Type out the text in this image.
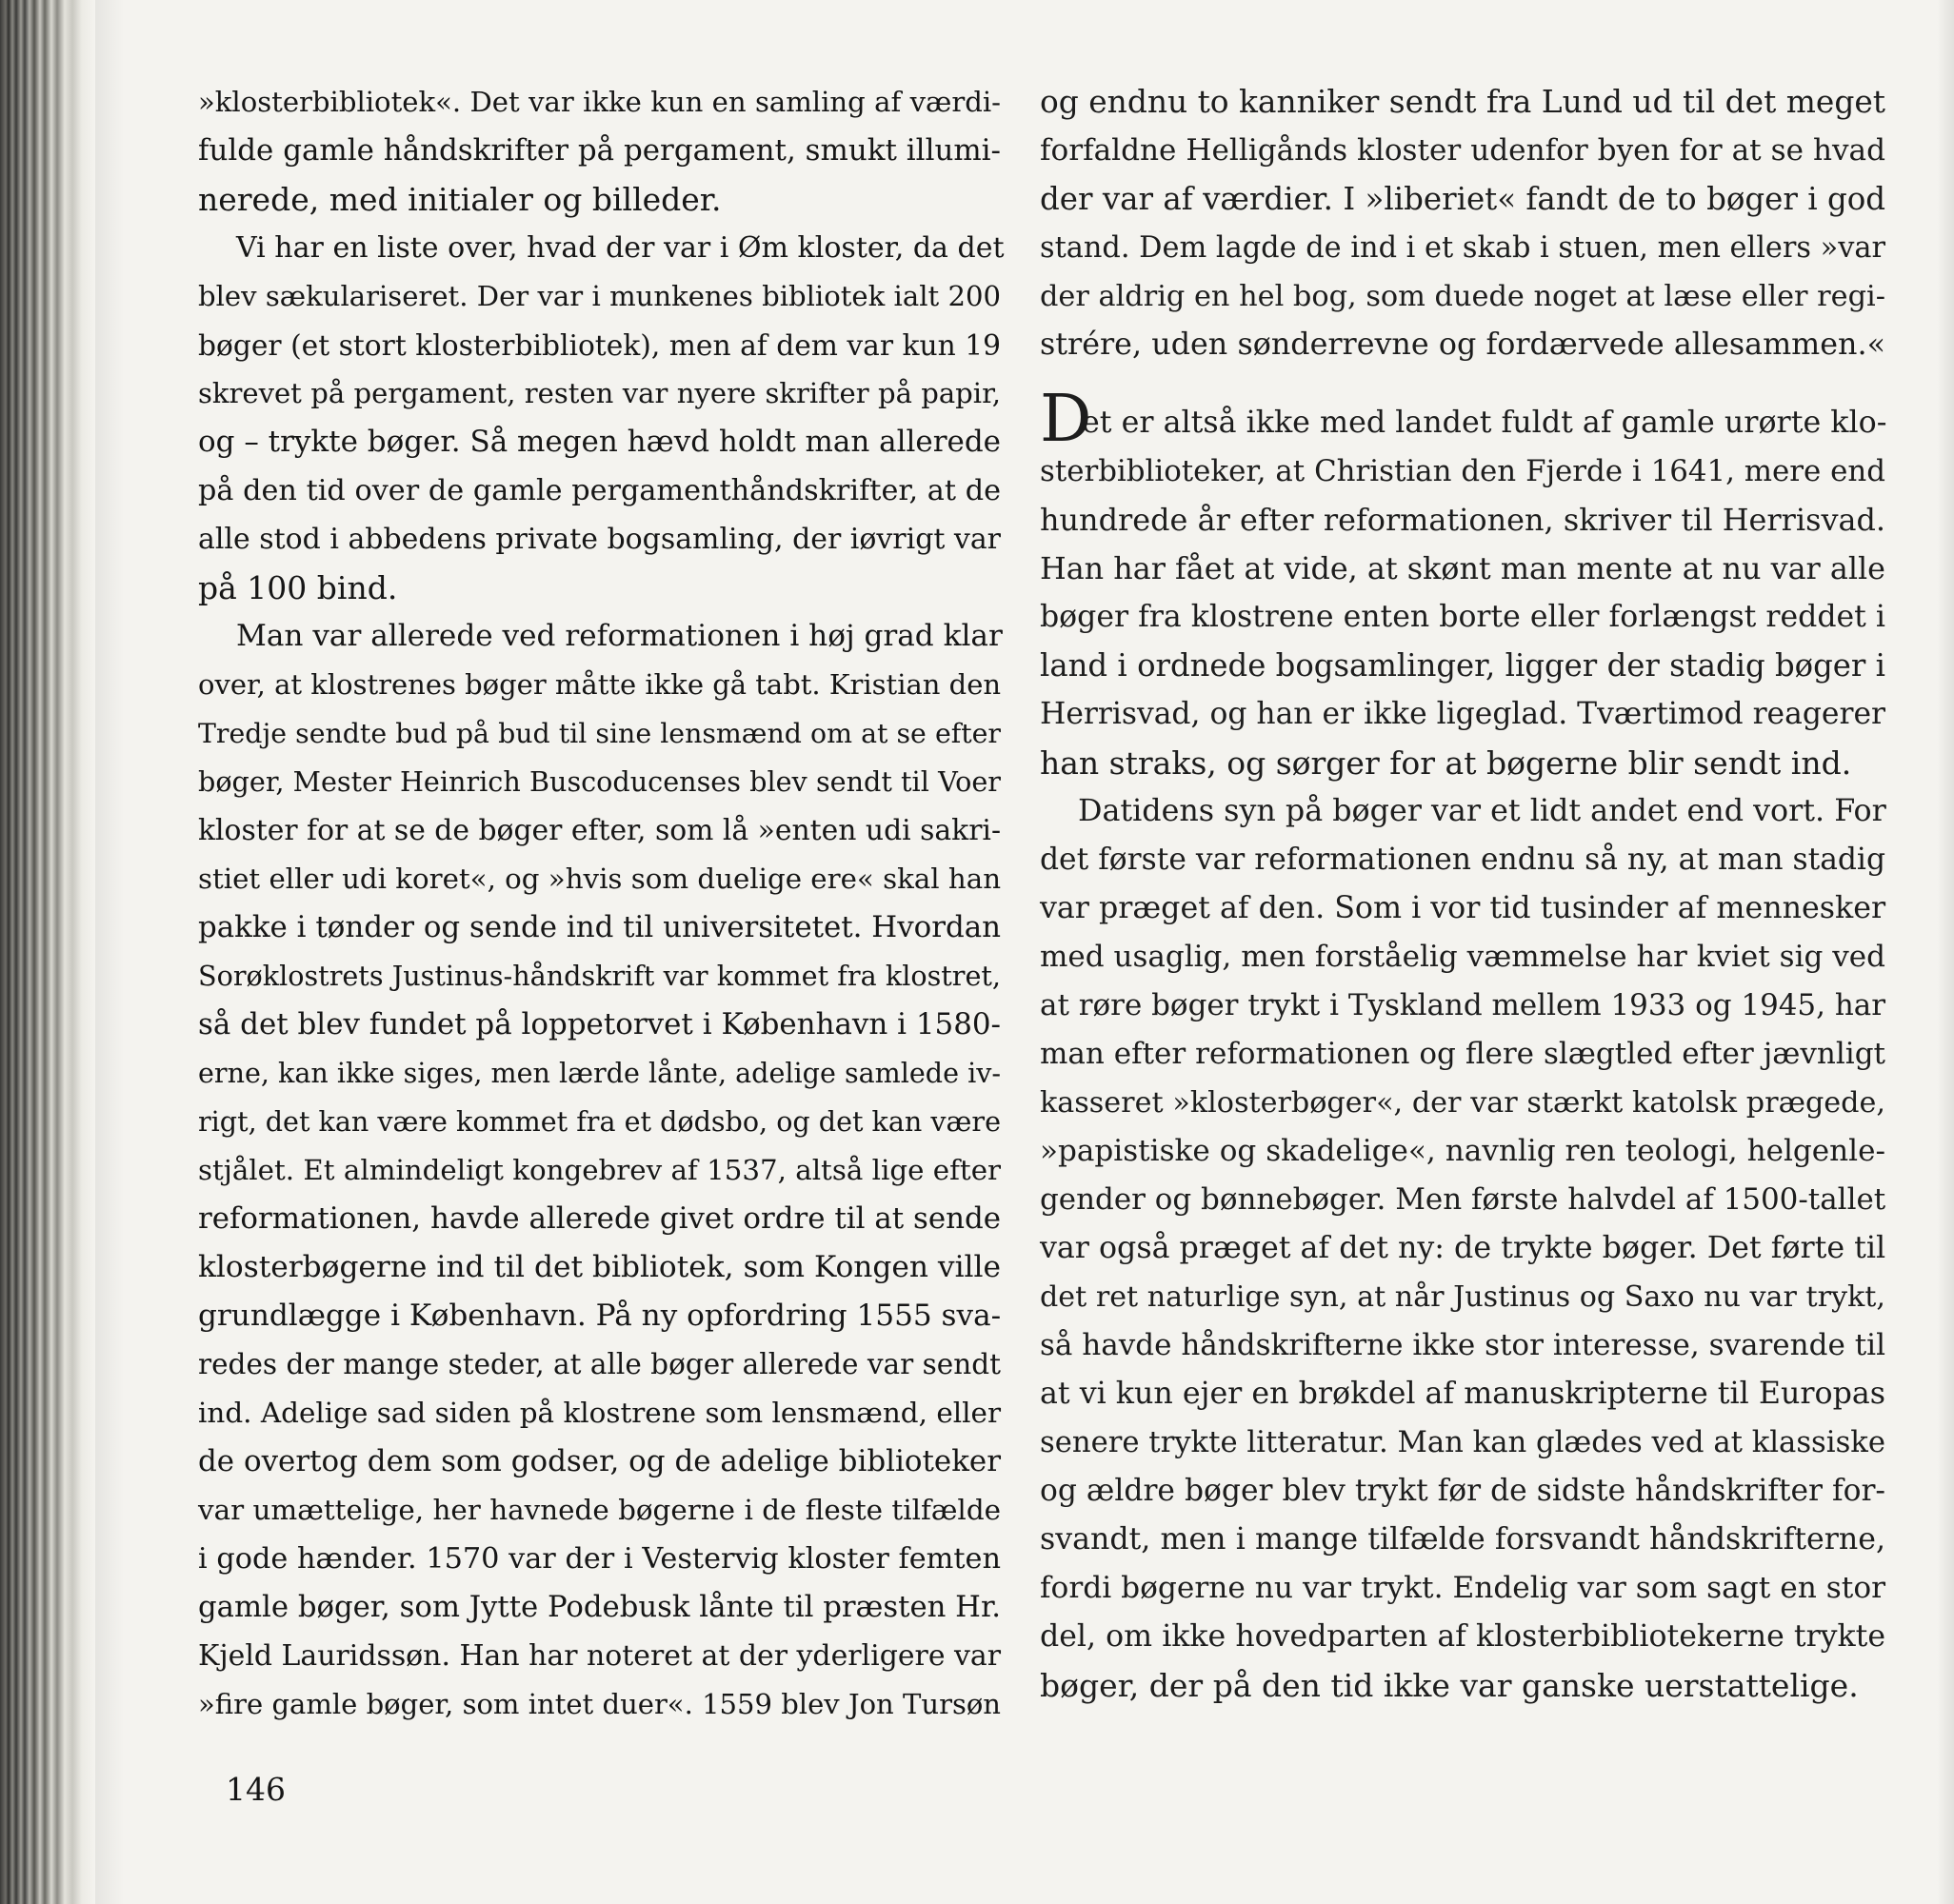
»klosterbibliotek«. Det var ikke kun en samling af værdi-
fulde gamle håndskrifter på pergament, smukt illumi-
nerede, med initialer og billeder.
Vi har en liste over, hvad der var i Øm kloster, da det
blev sækulariseret. Der var i munkenes bibliotek ialt 200
bøger (et stort klosterbibliotek), men af dem var kun 19
skrevet på pergament, resten var nyere skrifter på papir,
og – trykte bøger. Så megen hævd holdt man allerede
på den tid over de gamle pergamenthåndskrifter, at de
alle stod i abbedens private bogsamling, der iøvrigt var
på 100 bind.
Man var allerede ved reformationen i høj grad klar
over, at klostrenes bøger måtte ikke gå tabt. Kristian den
Tredje sendte bud på bud til sine lensmænd om at se efter
bøger, Mester Heinrich Buscoducenses blev sendt til Voer
kloster for at se de bøger efter, som lå »enten udi sakri-
stiet eller udi koret«, og »hvis som duelige ere« skal han
pakke i tønder og sende ind til universitetet. Hvordan
Sorøklostrets Justinus-håndskrift var kommet fra klostret,
så det blev fundet på loppetorvet i København i 1580-
erne, kan ikke siges, men lærde lånte, adelige samlede iv-
rigt, det kan være kommet fra et dødsbo, og det kan være
stjålet. Et almindeligt kongebrev af 1537, altså lige efter
reformationen, havde allerede givet ordre til at sende
klosterbøgerne ind til det bibliotek, som Kongen ville
grundlægge i København. På ny opfordring 1555 sva-
redes der mange steder, at alle bøger allerede var sendt
ind. Adelige sad siden på klostrene som lensmænd, eller
de overtog dem som godser, og de adelige biblioteker
var umættelige, her havnede bøgerne i de fleste tilfælde
i gode hænder. 1570 var der i Vestervig kloster femten
gamle bøger, som Jytte Podebusk lånte til præsten Hr.
Kjeld Lauridssøn. Han har noteret at der yderligere var
»fire gamle bøger, som intet duer«. 1559 blev Jon Tursøn
og endnu to kanniker sendt fra Lund ud til det meget
forfaldne Helligånds kloster udenfor byen for at se hvad
der var af værdier. I »liberiet« fandt de to bøger i god
stand. Dem lagde de ind i et skab i stuen, men ellers »var
der aldrig en hel bog, som duede noget at læse eller regi-
strére, uden sønderrevne og fordærvede allesammen.«
D
et er altså ikke med landet fuldt af gamle urørte klo-
sterbiblioteker, at Christian den Fjerde i 1641, mere end
hundrede år efter reformationen, skriver til Herrisvad.
Han har fået at vide, at skønt man mente at nu var alle
bøger fra klostrene enten borte eller forlængst reddet i
land i ordnede bogsamlinger, ligger der stadig bøger i
Herrisvad, og han er ikke ligeglad. Tværtimod reagerer
han straks, og sørger for at bøgerne blir sendt ind.
Datidens syn på bøger var et lidt andet end vort. For
det første var reformationen endnu så ny, at man stadig
var præget af den. Som i vor tid tusinder af mennesker
med usaglig, men forståelig væmmelse har kviet sig ved
at røre bøger trykt i Tyskland mellem 1933 og 1945, har
man efter reformationen og flere slægtled efter jævnligt
kasseret »klosterbøger«, der var stærkt katolsk prægede,
»papistiske og skadelige«, navnlig ren teologi, helgenle-
gender og bønnebøger. Men første halvdel af 1500-tallet
var også præget af det ny: de trykte bøger. Det førte til
det ret naturlige syn, at når Justinus og Saxo nu var trykt,
så havde håndskrifterne ikke stor interesse, svarende til
at vi kun ejer en brøkdel af manuskripterne til Europas
senere trykte litteratur. Man kan glædes ved at klassiske
og ældre bøger blev trykt før de sidste håndskrifter for-
svandt, men i mange tilfælde forsvandt håndskrifterne,
fordi bøgerne nu var trykt. Endelig var som sagt en stor
del, om ikke hovedparten af klosterbibliotekerne trykte
bøger, der på den tid ikke var ganske uerstattelige.
146
